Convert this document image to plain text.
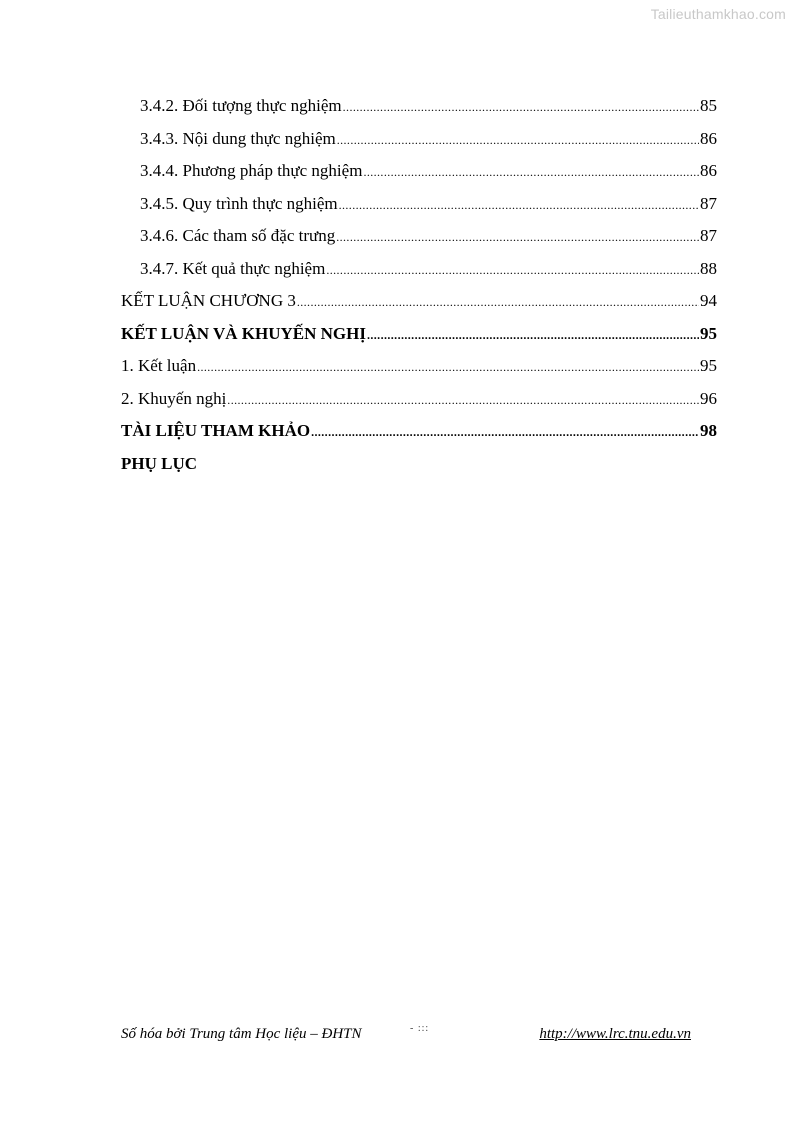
Tailieuthamkhao.com
3.4.2. Đối tượng thực nghiệm .....	85
3.4.3. Nội dung thực nghiệm .....	86
3.4.4. Phương pháp thực nghiệm .....	86
3.4.5. Quy trình thực nghiệm .....	87
3.4.6. Các tham số đặc trưng .....	87
3.4.7. Kết quả thực nghiệm .....	88
KẾT LUẬN CHƯƠNG 3 .....	94
KẾT LUẬN VÀ KHUYẾN NGHỊ .....	95
1. Kết luận .....	95
2. Khuyến nghị .....	96
TÀI LIỆU THAM KHẢO .....	98
PHỤ LỤC
Số hóa bởi Trung tâm Học liệu – ĐHTN	- :::	http://www.lrc.tnu.edu.vn
